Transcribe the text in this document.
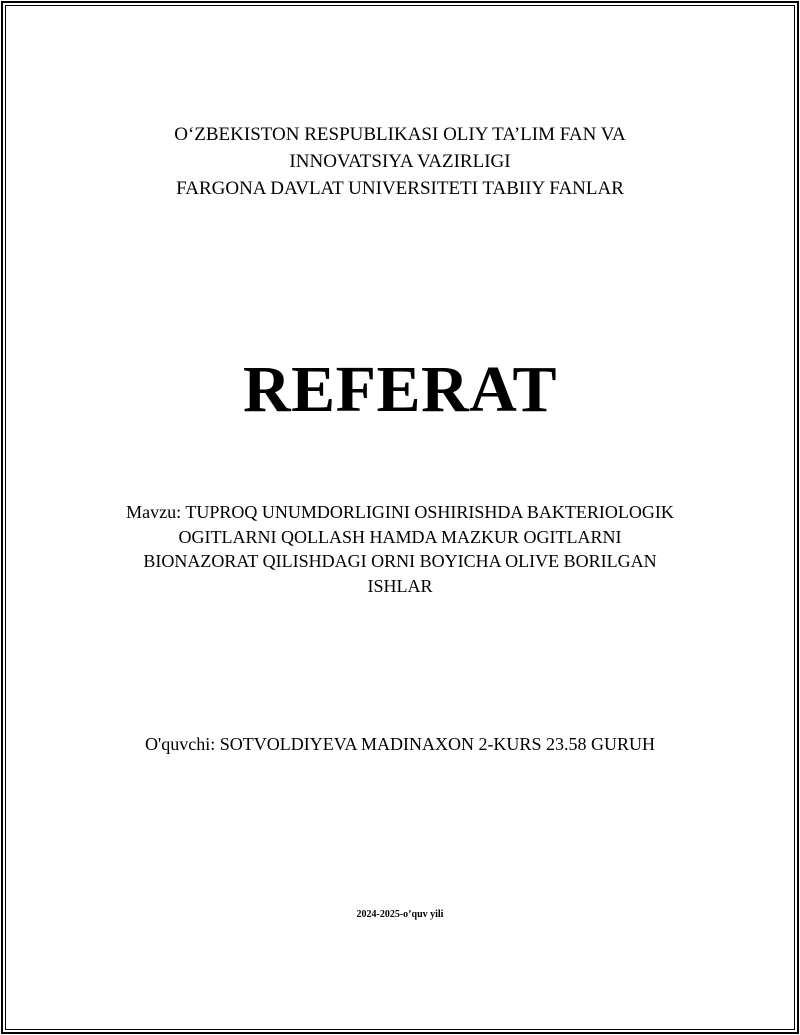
O‘ZBEKISTON RESPUBLIKASI OLIY TA’LIM FAN VA
INNOVATSIYA VAZIRLIGI
FARGONA DAVLAT UNIVERSITETI TABIIY FANLAR
REFERAT
Mavzu: TUPROQ UNUMDORLIGINI OSHIRISHDA BAKTERIOLOGIK
OGITLARNI QOLLASH HAMDA MAZKUR OGITLARNI
BIONAZORAT QILISHDAGI ORNI BOYICHA OLIVE BORILGAN
ISHLAR
O'quvchi: SOTVOLDIYEVA MADINAXON 2-KURS 23.58 GURUH
2024-2025-o’quv yili
